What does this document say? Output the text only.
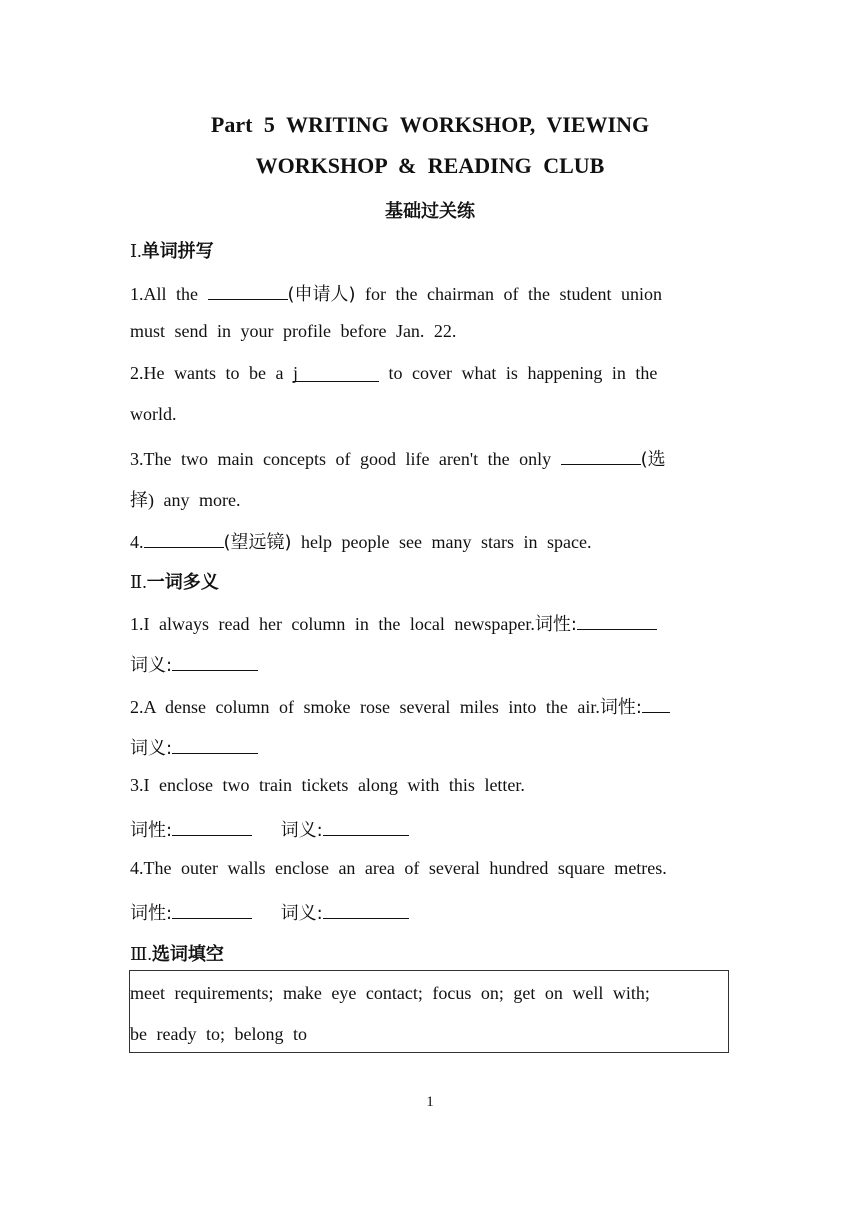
Part 5 WRITING WORKSHOP, VIEWING
WORKSHOP & READING CLUB
基础过关练
Ⅰ.单词拼写
1.All the	(申请人) for the chairman of the student union
must send in your profile before Jan. 22.
2.He wants to be a j	to cover what is happening in the
world.
3.The two main concepts of good life aren't the only	(选
择) any more.
4.	(望远镜) help people see many stars in space.
Ⅱ.一词多义
1.I always read her column in the local newspaper.词性:
词义:
2.A dense column of smoke rose several miles into the air.词性:
词义:
3.I enclose two train tickets along with this letter.
词性:	词义:
4.The outer walls enclose an area of several hundred square metres.
词性:	词义:
Ⅲ.选词填空
meet requirements; make eye contact; focus on; get on well with;
be ready to; belong to
1
